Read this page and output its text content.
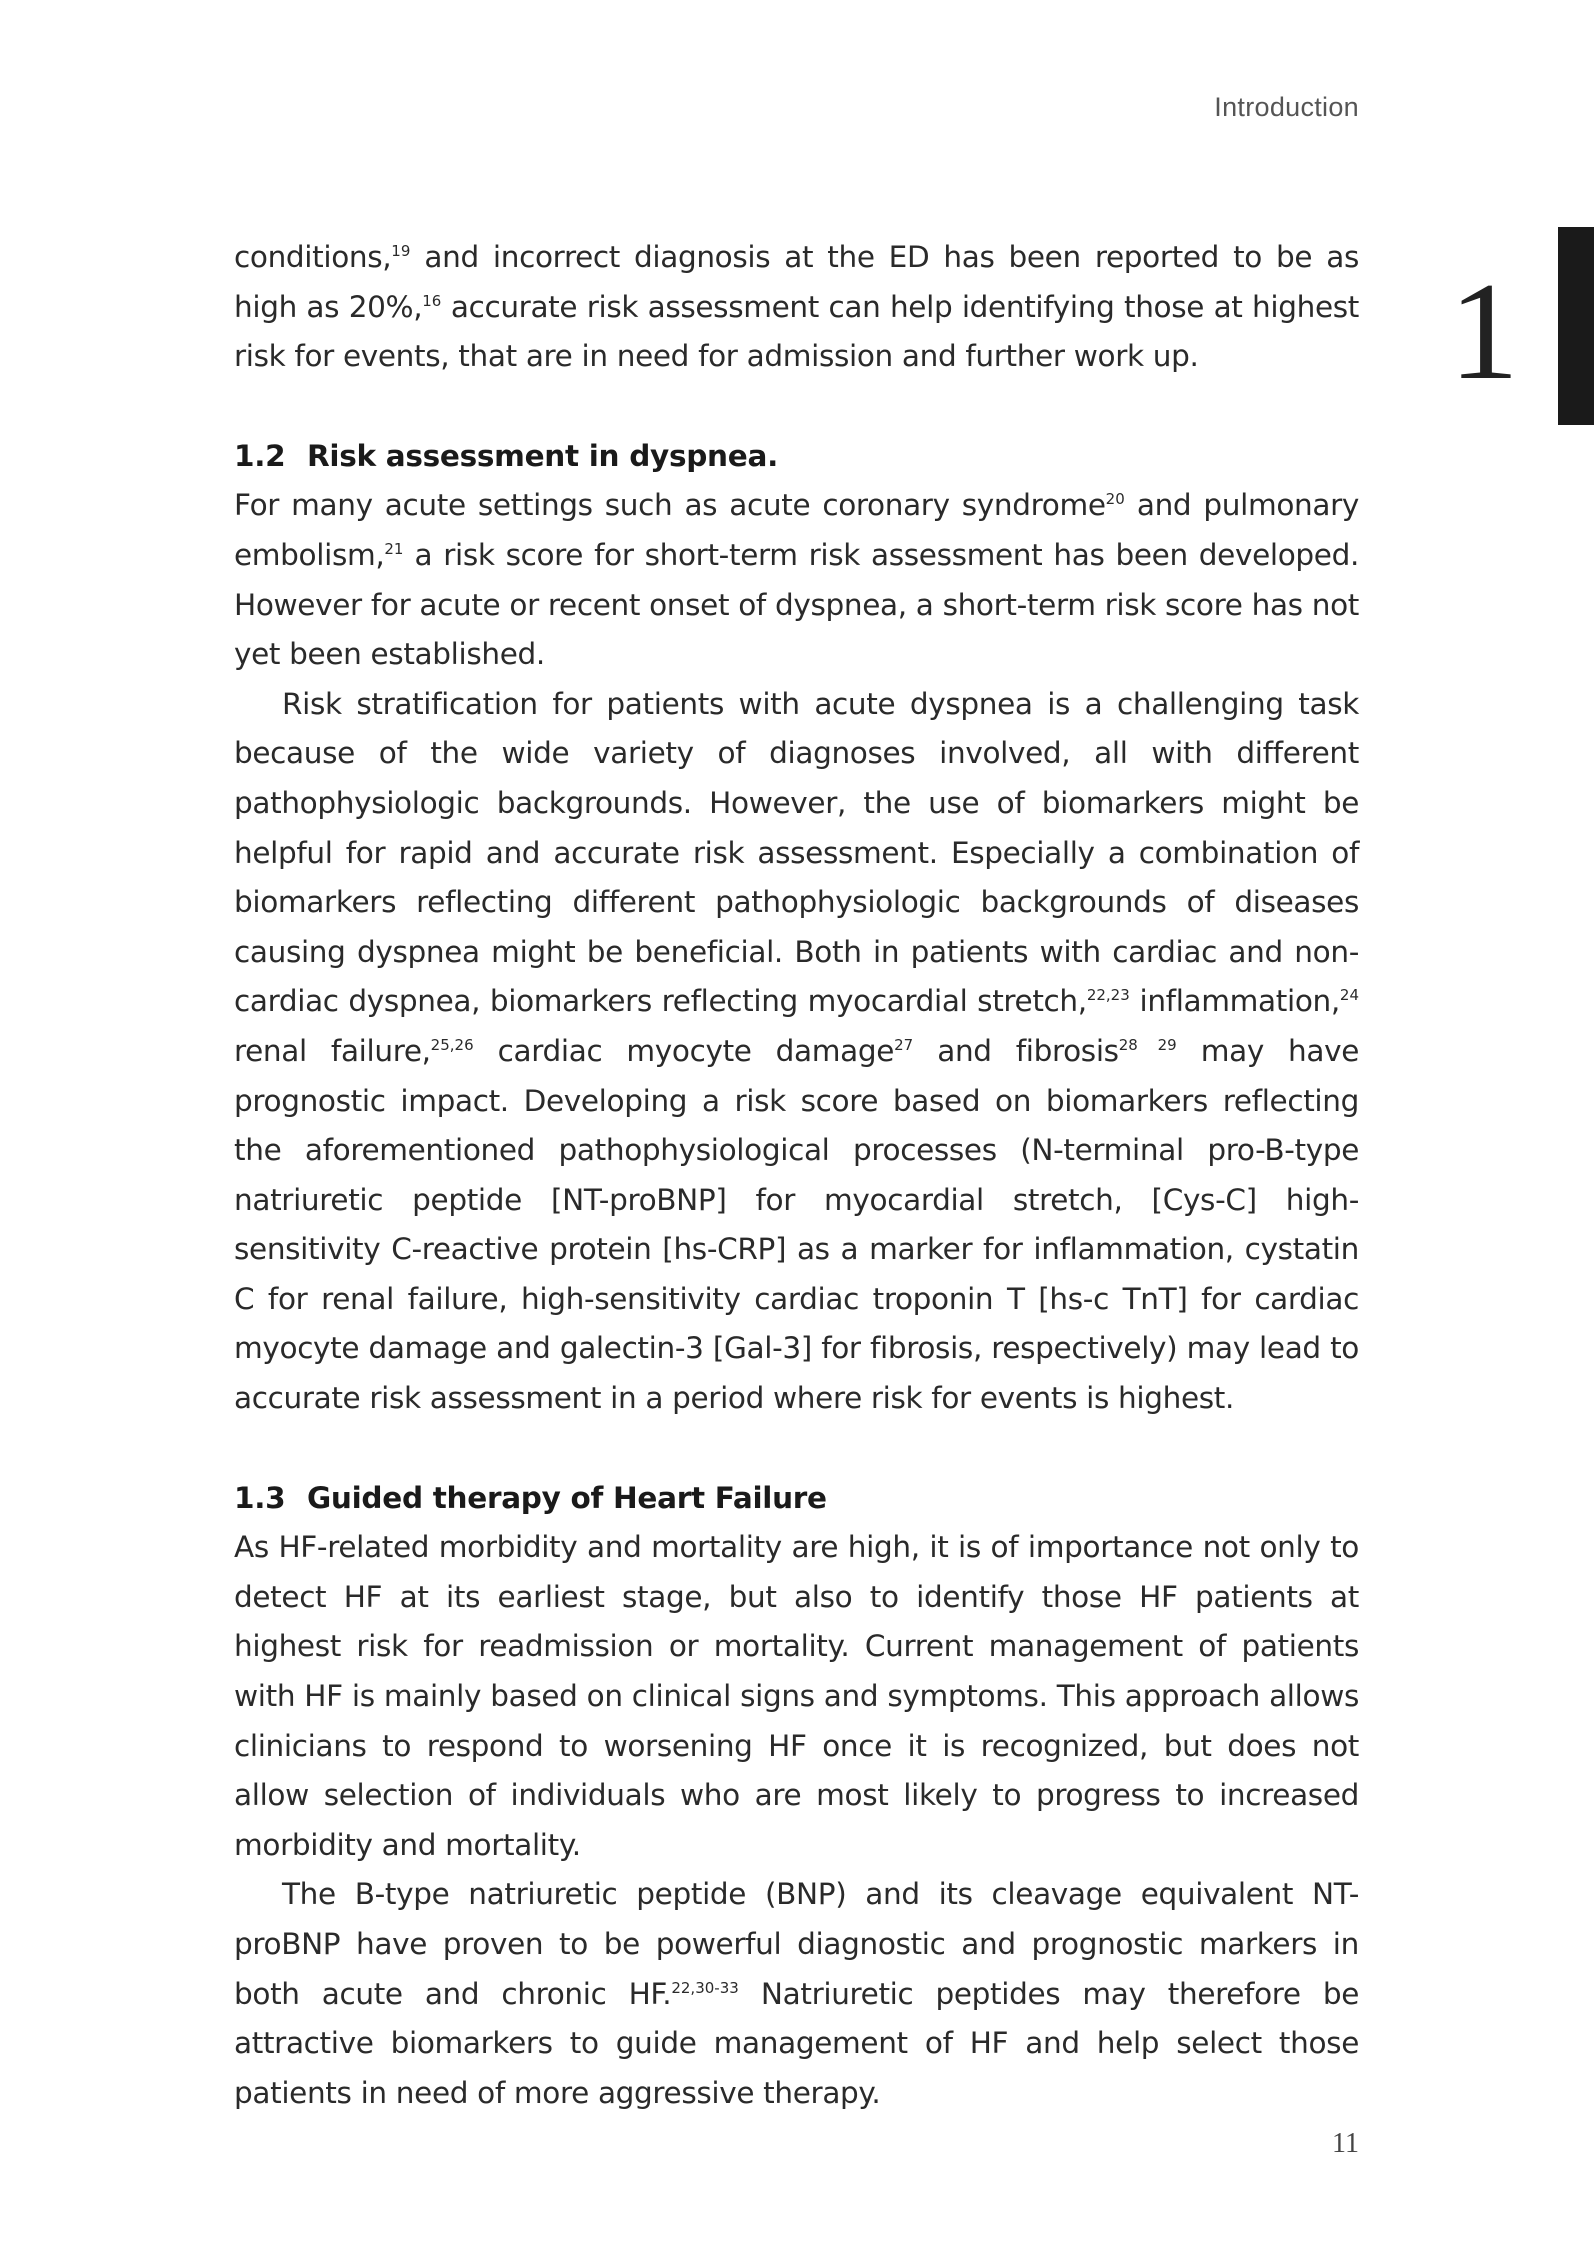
Introduction
1

conditions,$^{19}$ and incorrect diagnosis at the ED has been reported to be as high as 20%,$^{16}$ accurate risk assessment can help identifying those at highest risk for events, that are in need for admission and further work up.

1.2 Risk assessment in dyspnea.

For many acute settings such as acute coronary syndrome$^{20}$ and pulmonary embolism,$^{21}$ a risk score for short-term risk assessment has been developed. However for acute or recent onset of dyspnea, a short-term risk score has not yet been established.

Risk stratification for patients with acute dyspnea is a challenging task because of the wide variety of diagnoses involved, all with different pathophysiologic backgrounds. However, the use of biomarkers might be helpful for rapid and accurate risk assessment. Especially a combination of biomarkers reflecting different pathophysiologic backgrounds of diseases causing dyspnea might be beneficial. Both in patients with cardiac and non-cardiac dyspnea, biomarkers reflecting myocardial stretch,$^{22,23}$ inflammation,$^{24}$ renal failure,$^{25,26}$ cardiac myocyte damage$^{27}$ and fibrosis$^{28 29}$ may have prognostic impact. Developing a risk score based on biomarkers reflecting the aforementioned pathophysiological processes (N-terminal pro-B-type natriuretic peptide [NT-proBNP] for myocardial stretch, [Cys-C] high-sensitivity C-reactive protein [hs-CRP] as a marker for inflammation, cystatin C for renal failure, high-sensitivity cardiac troponin T [hs-c TnT] for cardiac myocyte damage and galectin-3 [Gal-3] for fibrosis, respectively) may lead to accurate risk assessment in a period where risk for events is highest.

1.3 Guided therapy of Heart Failure

As HF-related morbidity and mortality are high, it is of importance not only to detect HF at its earliest stage, but also to identify those HF patients at highest risk for readmission or mortality. Current management of patients with HF is mainly based on clinical signs and symptoms. This approach allows clinicians to respond to worsening HF once it is recognized, but does not allow selection of individuals who are most likely to progress to increased morbidity and mortality.

The B-type natriuretic peptide (BNP) and its cleavage equivalent NT-proBNP have proven to be powerful diagnostic and prognostic markers in both acute and chronic HF.$^{22,30-33}$ Natriuretic peptides may therefore be attractive biomarkers to guide management of HF and help select those patients in need of more aggressive therapy.

11
